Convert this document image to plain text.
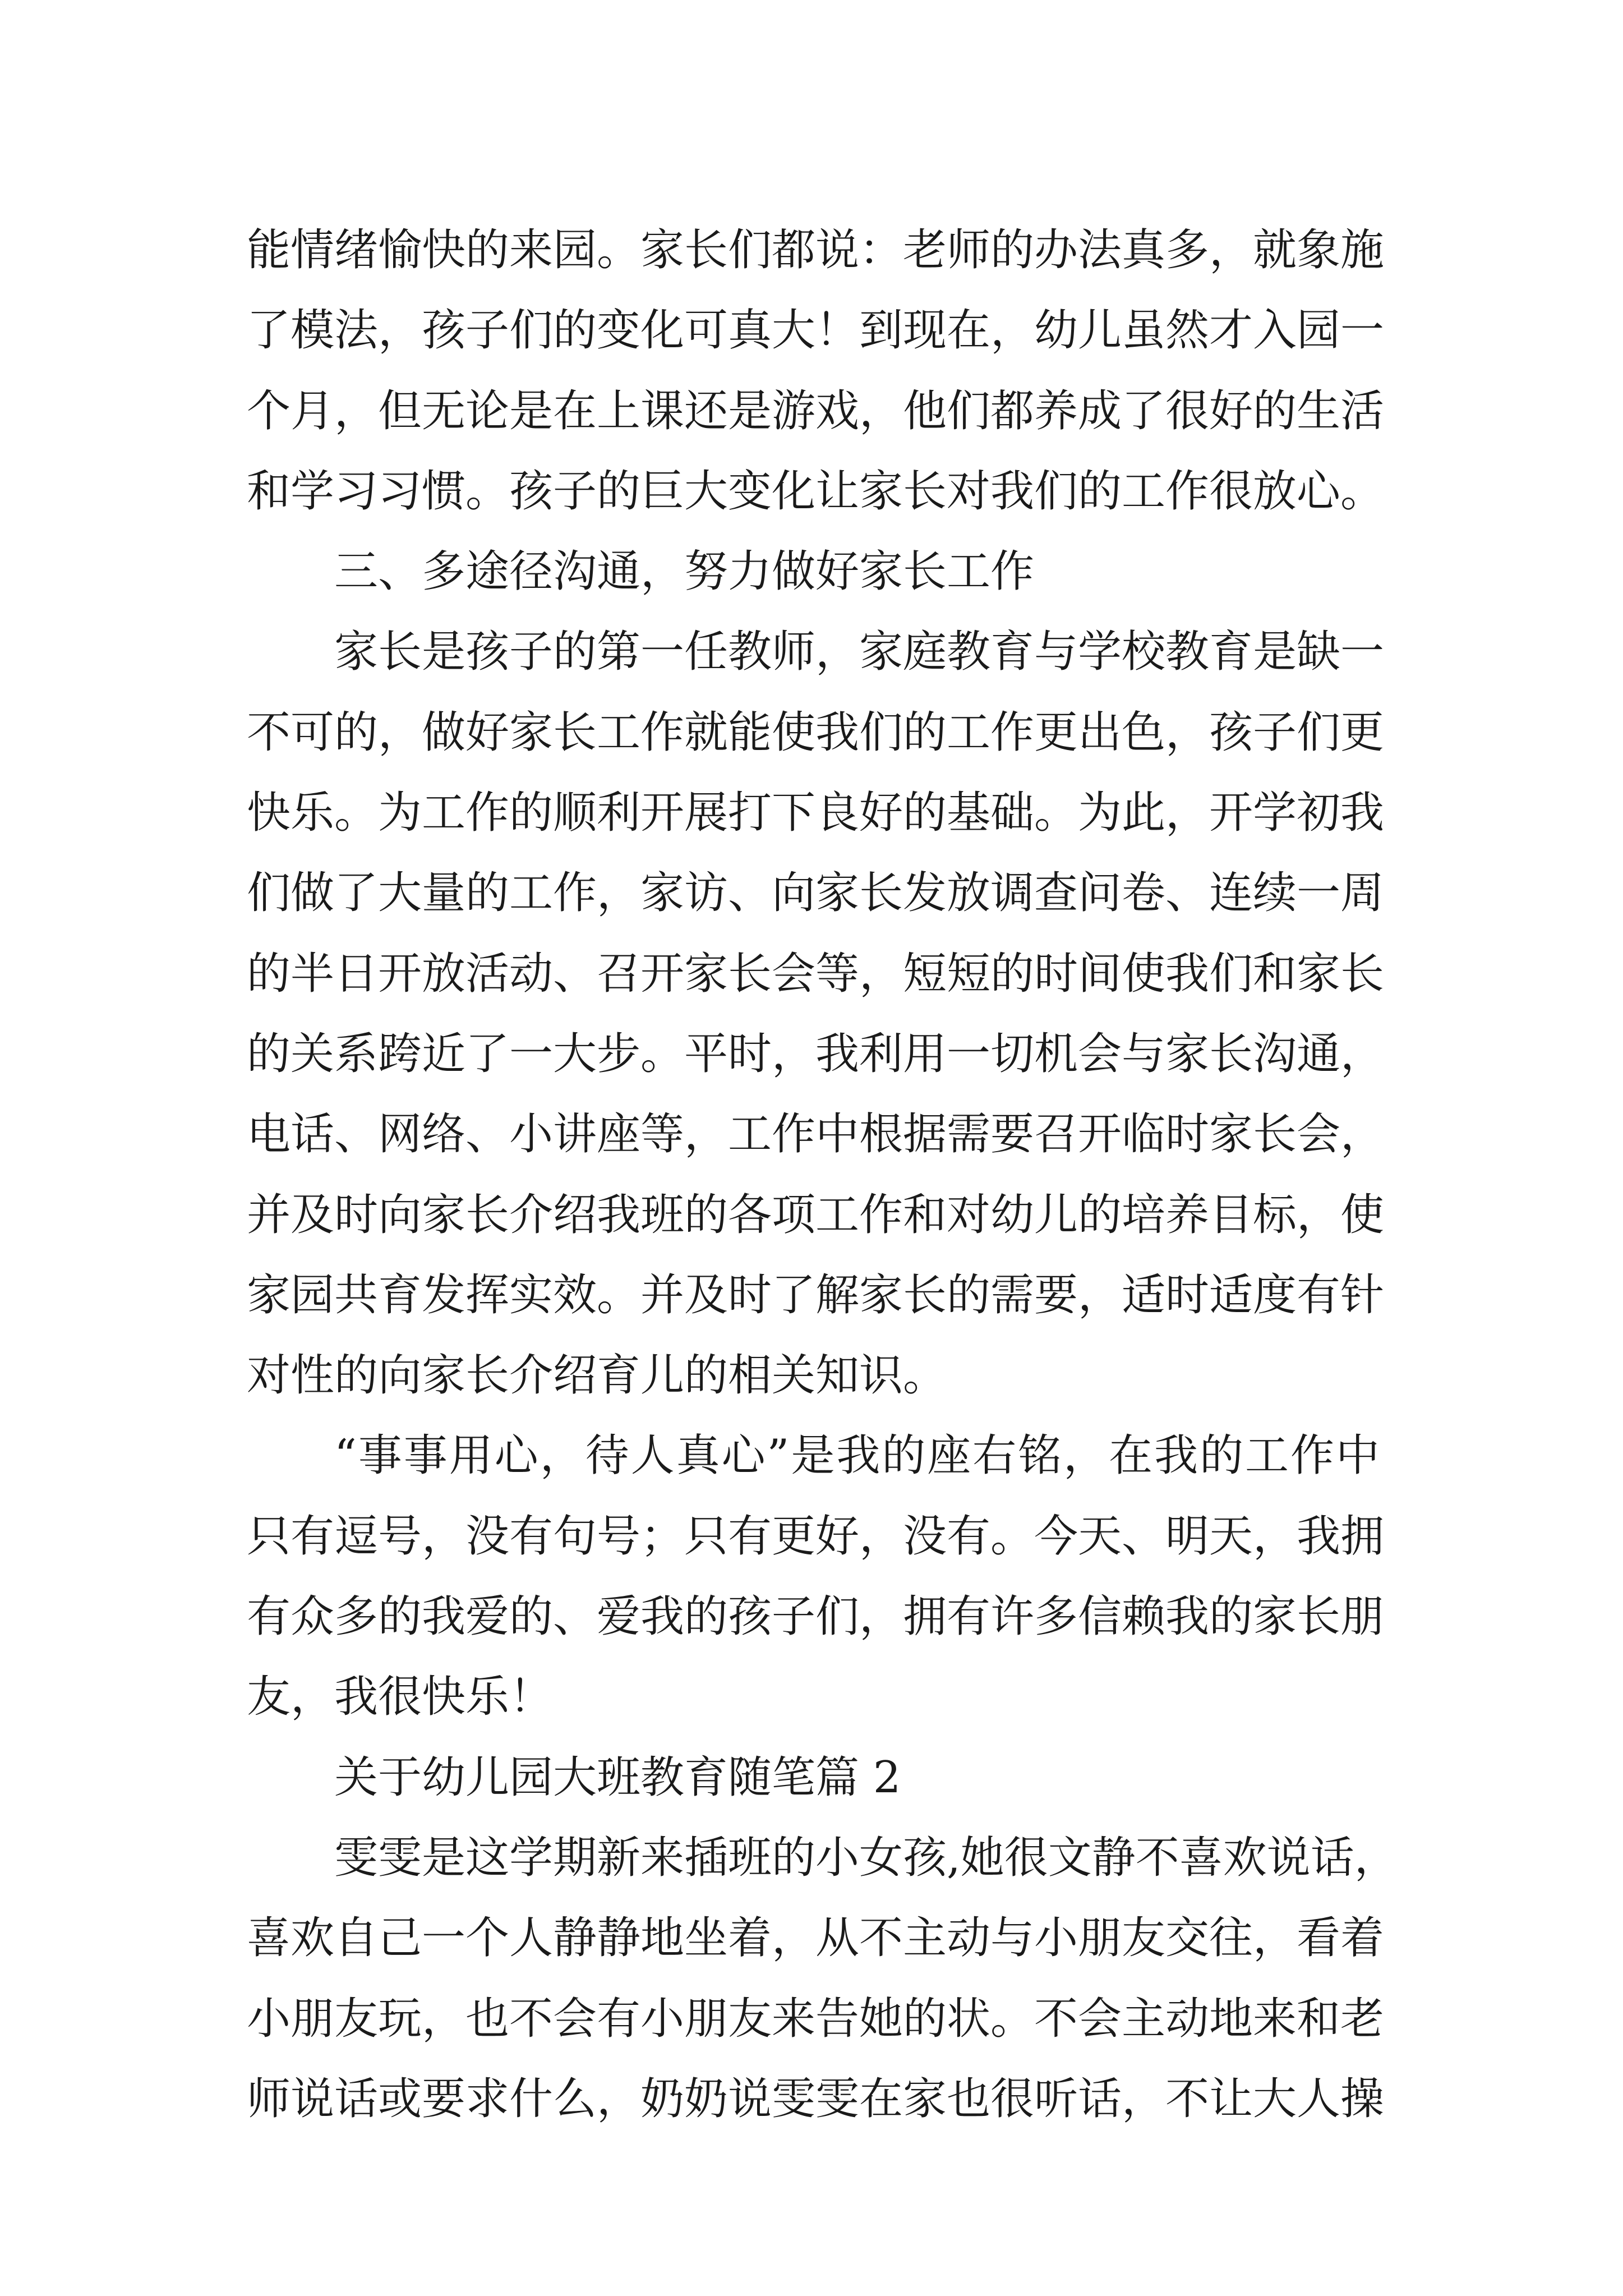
能情绪愉快的来园。家长们都说：老师的办法真多，就象施
了模法，孩子们的变化可真大！到现在，幼儿虽然才入园一
个月，但无论是在上课还是游戏，他们都养成了很好的生活
和学习习惯。孩子的巨大变化让家长对我们的工作很放心。
三、多途径沟通，努力做好家长工作
家长是孩子的第一任教师，家庭教育与学校教育是缺一
不可的，做好家长工作就能使我们的工作更出色，孩子们更
快乐。为工作的顺利开展打下良好的基础。为此，开学初我
们做了大量的工作，家访、向家长发放调查问卷、连续一周
的半日开放活动、召开家长会等，短短的时间使我们和家长
的关系跨近了一大步。平时，我利用一切机会与家长沟通，
电话、网络、小讲座等，工作中根据需要召开临时家长会，
并及时向家长介绍我班的各项工作和对幼儿的培养目标，使
家园共育发挥实效。并及时了解家长的需要，适时适度有针
对性的向家长介绍育儿的相关知识。
“事事用心，待人真心”是我的座右铭，在我的工作中
只有逗号，没有句号；只有更好，没有。今天、明天，我拥
有众多的我爱的、爱我的孩子们，拥有许多信赖我的家长朋
友，我很快乐！
关于幼儿园大班教育随笔篇 2
雯雯是这学期新来插班的小女孩,她很文静不喜欢说话，
喜欢自己一个人静静地坐着，从不主动与小朋友交往，看着
小朋友玩，也不会有小朋友来告她的状。不会主动地来和老
师说话或要求什么，奶奶说雯雯在家也很听话，不让大人操
